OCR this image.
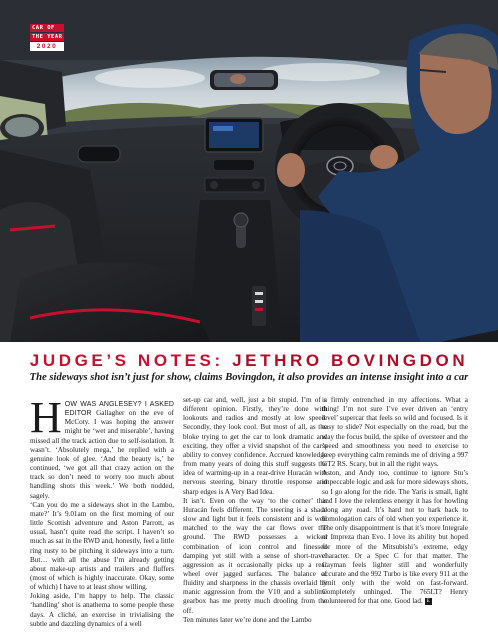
CAR OF
THE YEAR
2020
JUDGE’S NOTES: JETHRO BOVINGDON
The sideways shot isn’t just for show, claims Bovingdon, it also provides an intense insight into a car

HOW WAS ANGLESEY? I ASKED EDITOR Gallagher on the eve of McCoty. I was hoping the answer might be ‘wet and miserable’, having missed all the track action due to self-isolation. It wasn’t. ‘Absolutely mega,’ he replied with a genuine look of glee. ‘And the beauty is,’ he continued, ‘we got all that crazy action on the track so don’t need to worry too much about handling shots this week.’ We both nodded, sagely.

‘Can you do me a sideways shot in the Lambo, mate?’ It’s 9.01am on the first morning of our little Scottish adventure and Aston Parrott, as usual, hasn’t quite read the script. I haven’t so much as sat in the RWD and, honestly, feel a little ring rusty to be pitching it sideways into a turn. But… with all the abuse I’m already getting about make-up artists and trailers and fluffers (most of which is highly inaccurate. Okay, some of which) I have to at least show willing.

Joking aside, I’m happy to help. The classic ‘handling’ shot is anathema to some people these days. A cliché, an exercise in trivialising the subtle and dazzling dynamics of a well

set-up car and, well, just a bit stupid. I’m of a different opinion. Firstly, they’re done with lookouts and radios and mostly at low speed. Secondly, they look cool. But most of all, as the bloke trying to get the car to look dramatic and exciting, they offer a vivid snapshot of the car’s ability to convey confidence. Accrued knowledge from many years of doing this stuff suggests the idea of warming-up in a rear-drive Huracán with nervous steering, binary throttle response and sharp edges is A Very Bad Idea.

It isn’t. Even on the way ‘to the corner’ this Huracán feels different. The steering is a shade slow and light but it feels consistent and is well matched to the way the car flows over the ground. The RWD possesses a wicked combination of icon control and finessed damping yet still with a sense of short-travel aggression as it occasionally picks up a rear wheel over jagged surfaces. The balance of fluidity and sharpness in the chassis overlaid by manic aggression from the V10 and a sublime gearbox has me pretty much drooling from the off.

Ten minutes later we’re done and the Lambo

is firmly entrenched in my affections. What a thing! I’m not sure I’ve ever driven an ‘entry level’ supercar that feels so wild and focused. Is it easy to slide? Not especially on the road, but the way the focus build, the spike of oversteer and the speed and smoothness you need to exercise to keep everything calm reminds me of driving a 997 GT2 RS. Scary, but in all the right ways.

Aston, and Andy too, continue to ignore Stu’s impeccable logic and ask for more sideways shots, so I go along for the ride. The Yaris is small, light and I love the relentless energy it has for howling along any road. It’s hard not to hark back to homologation cars of old when you experience it. The only disappointment is that it’s more Integrale or Impreza than Evo. I love its ability but hoped for more of the Mitsubishi’s extreme, edgy character. Or a Spec C for that matter. The Cayman feels lighter still and wonderfully accurate and the 992 Turbo is like every 911 at the limit only with the wold on fast-forward. Completely unhinged. The 765LT? Henry volunteered for that one. Good lad. E
